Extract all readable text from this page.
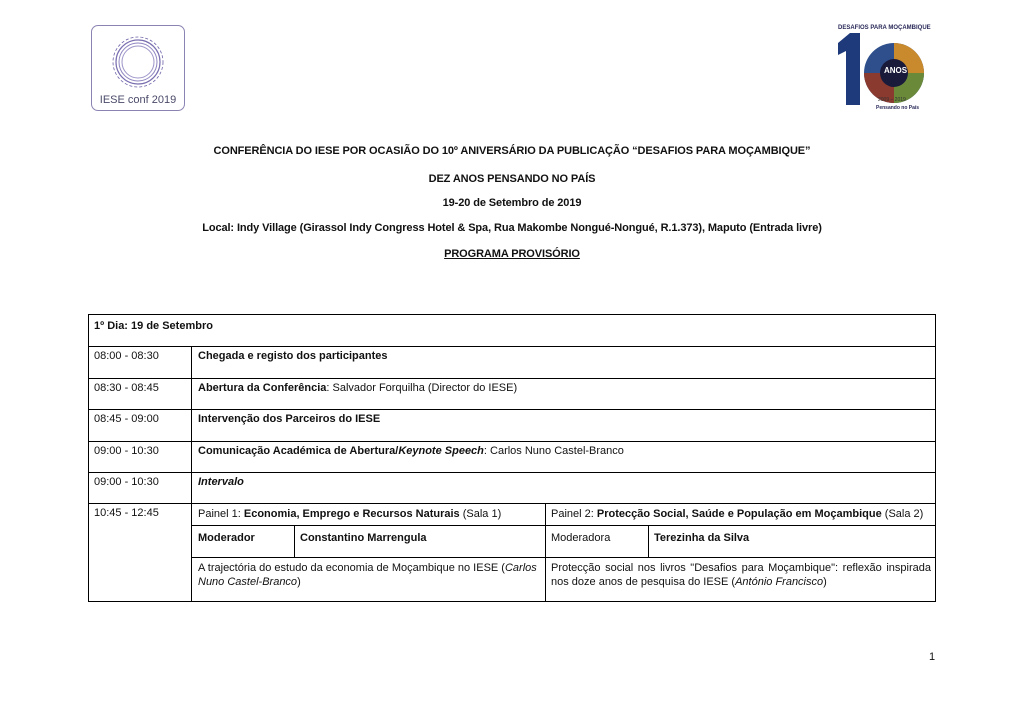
IESE conf 2019
DESAFIOS PARA MOÇAMBIQUE
ANOS
2009 – 2019
Pensando no País
CONFERÊNCIA DO IESE POR OCASIÃO DO 10º ANIVERSÁRIO DA PUBLICAÇÃO “DESAFIOS PARA MOÇAMBIQUE”
DEZ ANOS PENSANDO NO PAÍS
19-20 de Setembro de 2019
Local: Indy Village (Girassol Indy Congress Hotel & Spa, Rua Makombe Nongué-Nongué, R.1.373), Maputo (Entrada livre)
PROGRAMA PROVISÓRIO
1º Dia: 19 de Setembro
08:00 - 08:30	Chegada e registo dos participantes
08:30 - 08:45	Abertura da Conferência: Salvador Forquilha (Director do IESE)
08:45 - 09:00	Intervenção dos Parceiros do IESE
09:00 - 10:30	Comunicação Académica de Abertura/Keynote Speech: Carlos Nuno Castel-Branco
09:00 - 10:30	Intervalo
10:45 - 12:45	Painel 1: Economia, Emprego e Recursos Naturais (Sala 1)	Painel 2: Protecção Social, Saúde e População em Moçambique (Sala 2)
Moderador	Constantino Marrengula	Moderadora	Terezinha da Silva
A trajectória do estudo da economia de Moçambique no IESE (Carlos Nuno Castel-Branco)
Protecção social nos livros "Desafios para Moçambique": reflexão inspirada nos doze anos de pesquisa do IESE (António Francisco)
1
